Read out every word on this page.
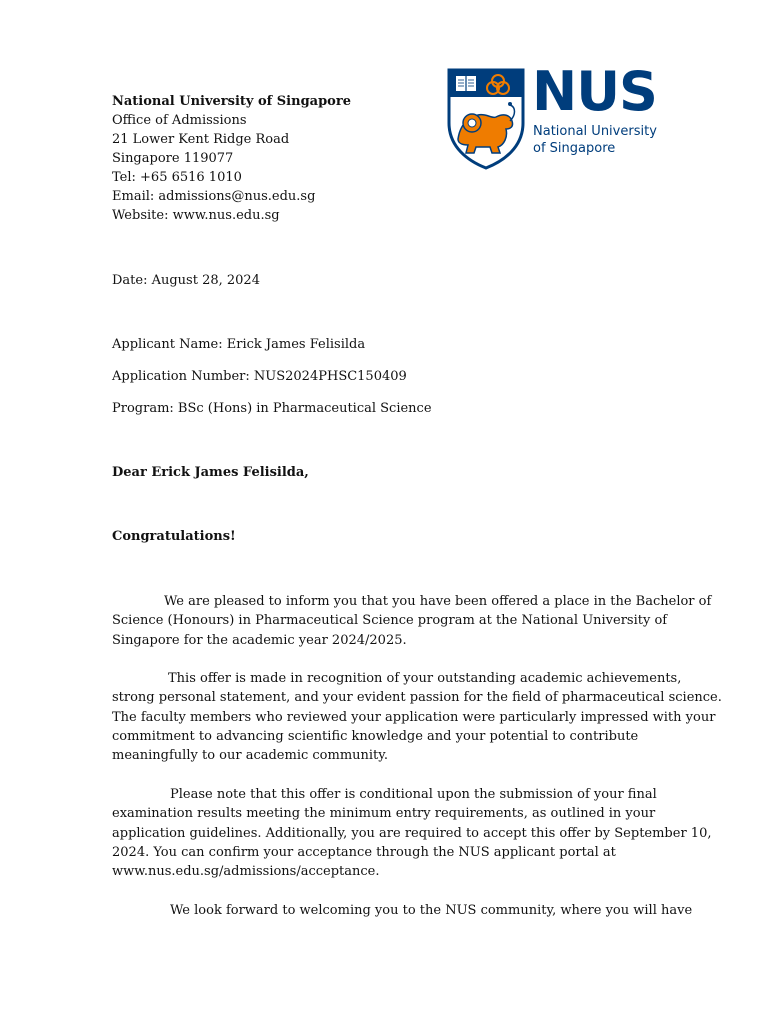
National University of Singapore
Office of Admissions
21 Lower Kent Ridge Road
Singapore 119077
Tel: +65 6516 1010
Email: admissions@nus.edu.sg
Website: www.nus.edu.sg
NUS
National University
of Singapore
Date: August 28, 2024
Applicant Name: Erick James Felisilda
Application Number: NUS2024PHSC150409
Program: BSc (Hons) in Pharmaceutical Science
Dear Erick James Felisilda,
Congratulations!
We are pleased to inform you that you have been offered a place in the Bachelor of
Science (Honours) in Pharmaceutical Science program at the National University of
Singapore for the academic year 2024/2025.
This offer is made in recognition of your outstanding academic achievements,
strong personal statement, and your evident passion for the field of pharmaceutical science.
The faculty members who reviewed your application were particularly impressed with your
commitment to advancing scientific knowledge and your potential to contribute
meaningfully to our academic community.
Please note that this offer is conditional upon the submission of your final
examination results meeting the minimum entry requirements, as outlined in your
application guidelines. Additionally, you are required to accept this offer by September 10,
2024. You can confirm your acceptance through the NUS applicant portal at
www.nus.edu.sg/admissions/acceptance.
We look forward to welcoming you to the NUS community, where you will have
